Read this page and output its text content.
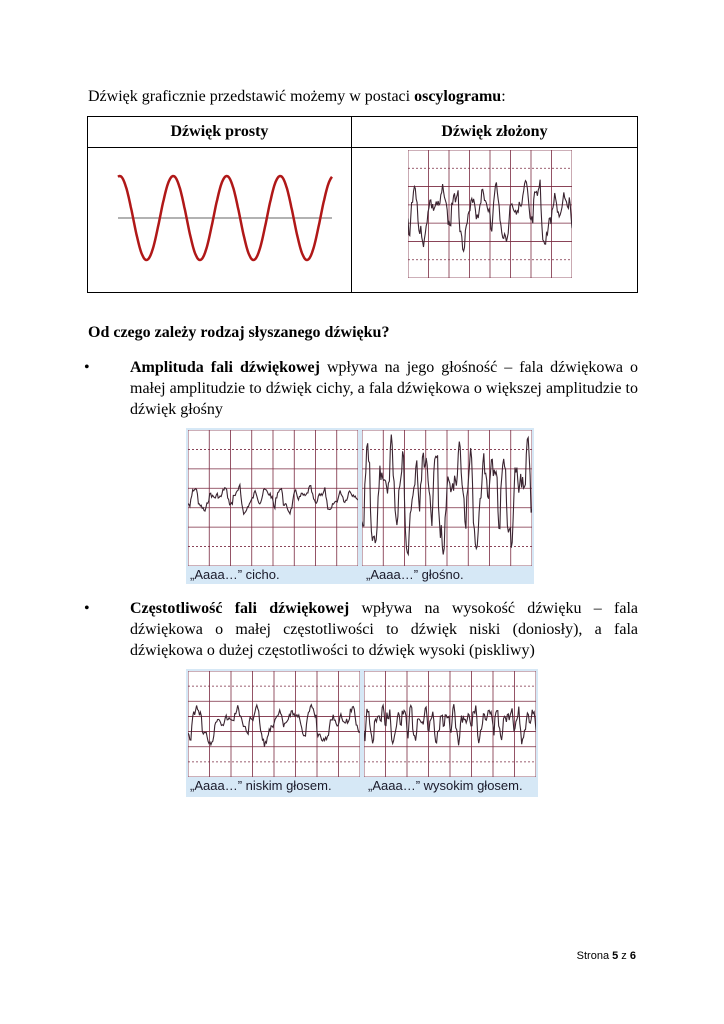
Dźwięk graficznie przedstawić możemy w postaci oscylogramu:
Dźwięk prosty	Dźwięk złożony

Od czego zależy rodzaj słyszanego dźwięku?
•	Amplituda fali dźwiękowej wpływa na jego głośność – fala dźwiękowa o małej amplitudzie to dźwięk cichy, a fala dźwiękowa o większej amplitudzie to dźwięk głośny
„Aaaa…” cicho.	„Aaaa…” głośno.
•	Częstotliwość fali dźwiękowej wpływa na wysokość dźwięku – fala dźwiękowa o małej częstotliwości to dźwięk niski (doniosły), a fala dźwiękowa o dużej częstotliwości to dźwięk wysoki (piskliwy)
„Aaaa…” niskim głosem.	„Aaaa…” wysokim głosem.
Strona 5 z 6
